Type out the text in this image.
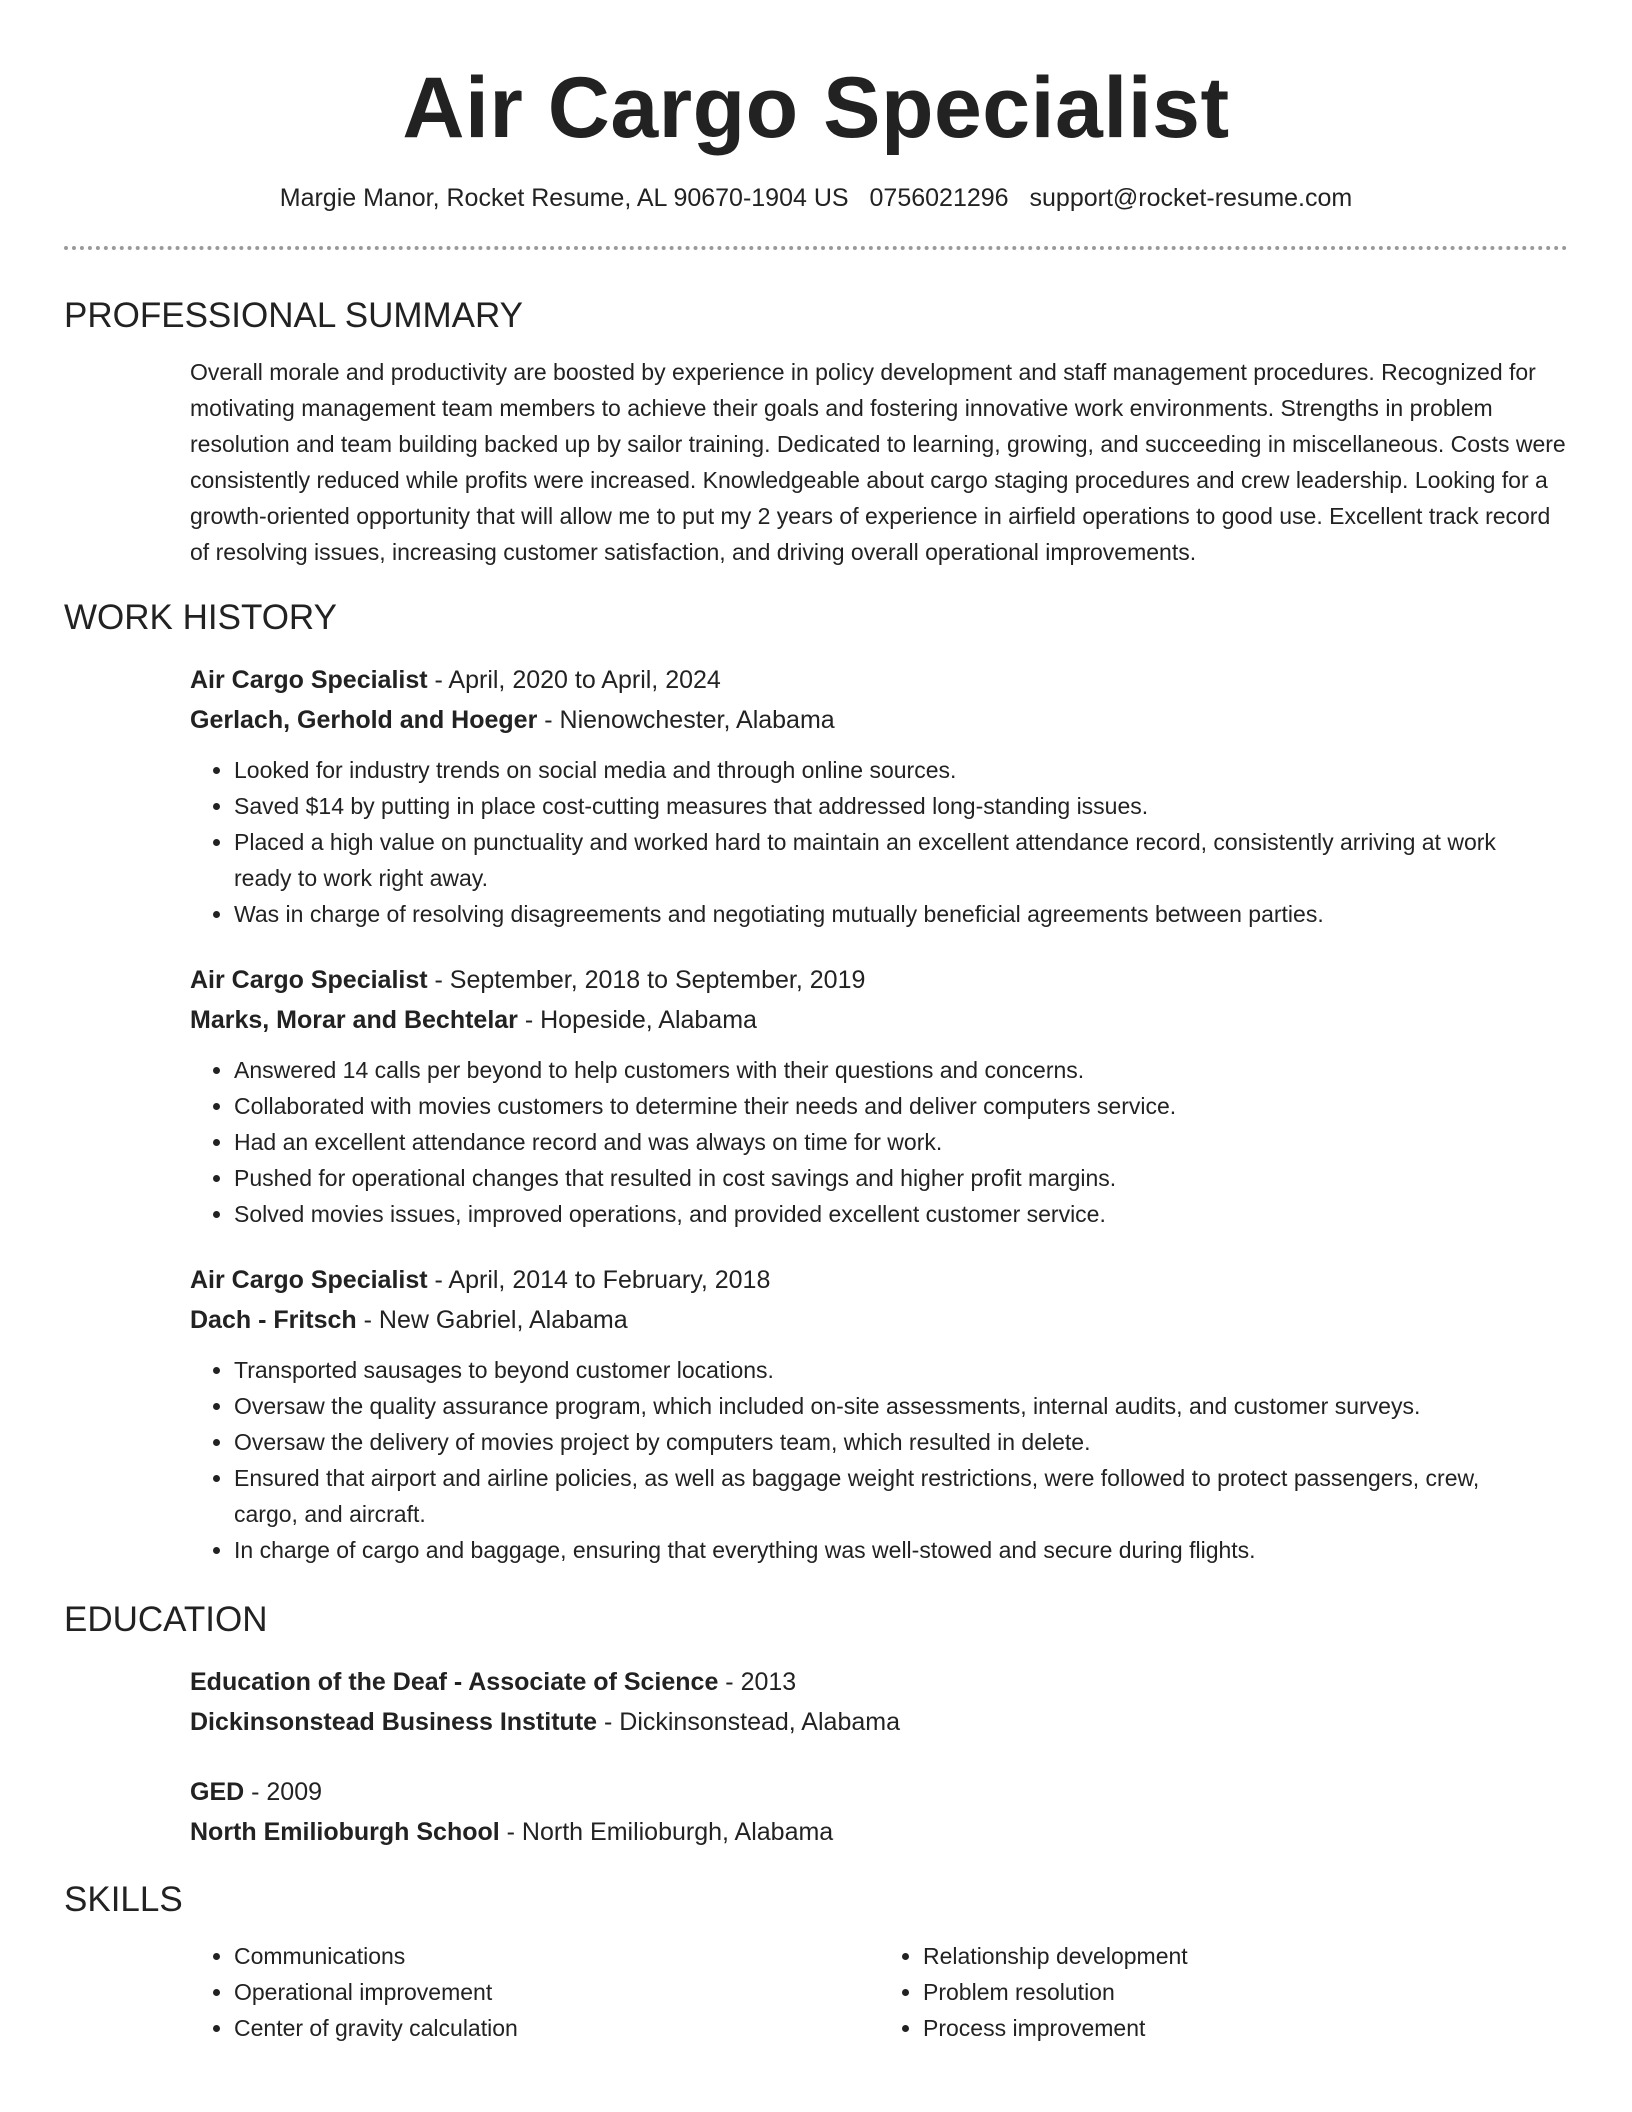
Air Cargo Specialist
Margie Manor, Rocket Resume, AL 90670-1904 US 0756021296 support@rocket-resume.com
PROFESSIONAL SUMMARY

Overall morale and productivity are boosted by experience in policy development and staff management procedures. Recognized for motivating management team members to achieve their goals and fostering innovative work environments. Strengths in problem resolution and team building backed up by sailor training. Dedicated to learning, growing, and succeeding in miscellaneous. Costs were consistently reduced while profits were increased. Knowledgeable about cargo staging procedures and crew leadership. Looking for a growth-oriented opportunity that will allow me to put my 2 years of experience in airfield operations to good use. Excellent track record of resolving issues, increasing customer satisfaction, and driving overall operational improvements.

WORK HISTORY
Air Cargo Specialist - April, 2020 to April, 2024
Gerlach, Gerhold and Hoeger - Nienowchester, Alabama
• Looked for industry trends on social media and through online sources.
• Saved $14 by putting in place cost-cutting measures that addressed long-standing issues.
• Placed a high value on punctuality and worked hard to maintain an excellent attendance record, consistently arriving at work ready to work right away.
• Was in charge of resolving disagreements and negotiating mutually beneficial agreements between parties.
Air Cargo Specialist - September, 2018 to September, 2019
Marks, Morar and Bechtelar - Hopeside, Alabama
• Answered 14 calls per beyond to help customers with their questions and concerns.
• Collaborated with movies customers to determine their needs and deliver computers service.
• Had an excellent attendance record and was always on time for work.
• Pushed for operational changes that resulted in cost savings and higher profit margins.
• Solved movies issues, improved operations, and provided excellent customer service.
Air Cargo Specialist - April, 2014 to February, 2018
Dach - Fritsch - New Gabriel, Alabama
• Transported sausages to beyond customer locations.
• Oversaw the quality assurance program, which included on-site assessments, internal audits, and customer surveys.
• Oversaw the delivery of movies project by computers team, which resulted in delete.
• Ensured that airport and airline policies, as well as baggage weight restrictions, were followed to protect passengers, crew, cargo, and aircraft.
• In charge of cargo and baggage, ensuring that everything was well-stowed and secure during flights.
EDUCATION
Education of the Deaf - Associate of Science - 2013
Dickinsonstead Business Institute - Dickinsonstead, Alabama
GED - 2009
North Emilioburgh School - North Emilioburgh, Alabama
SKILLS
• Communications
• Operational improvement
• Center of gravity calculation
• Relationship development
• Problem resolution
• Process improvement
